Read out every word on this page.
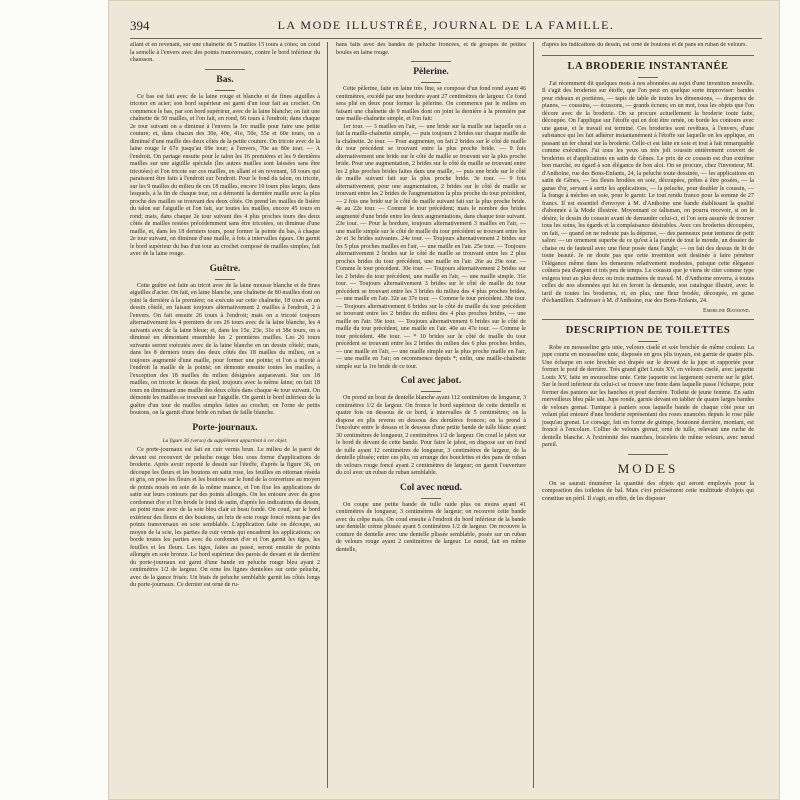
394	LA MODE ILLUSTRÉE, JOURNAL DE LA FAMILLE.

allant et en revenant, sur une chaînette de 5 mailles 15 tours à côtes; on coud la semelle à l'envers avec des points transversaux, contre le bord inférieur du chausson.

Bas.

Ce bas est fait avec de la laine rouge et blanche et de fines aiguilles à tricoter en acier; son bord supérieur est garni d'un tour fait au crochet. On commence le bas, par son bord supérieur, avec de la laine blanche; on fait une chaînette de 50 mailles, et l'on fait, en rond, 66 tours à l'endroit; dans chaque 2e tour suivant on a diminué à l'envers la 1re maille pour faire une petite couture; et, dans chacun des 30e, 40e, 41e, 50e, 55e et 60e tours, on a diminué d'une maille des deux côtés de la petite couture. On tricote avec de la laine rouge le 67e jusqu'au 69e tour; à l'envers, 70e au 80e tour. — A l'endroit. On partage ensuite pour le talon les 16 premières et les 9 dernières mailles sur une aiguille spéciale (les autres mailles sont laissées sans être tricotées) et l'on tricote sur ces mailles, en allant et en revenant, 18 tours qui paraissent être faits à l'endroit sur l'endroit. Pour le fond du talon, on tricote, sur les 9 mailles du milieu de ces 18 mailles, encore 10 tours plus larges, dans lesquels, à la fin de chaque tour, on a démonté la dernière maille avec la plus proche des mailles se trouvant des deux côtés. On prend les mailles de lisière du talon sur l'aiguille et l'on fait, sur toutes les mailles, encore 45 tours en rond; mais, dans chaque 2e tour suivant des 4 plus proches tours des deux côtés de mailles restées précédemment sans être tricotées, on diminue d'une maille, et, dans les 18 derniers tours, pour former la pointe du bas, à chaque 2e tour suivant, on diminue d'une maille, à fois à intervalles égaux. On garnit le bord supérieur du bas d'un tour au crochet composé de mailles simples, fait avec de la laine rouge.

Guêtre.

Cette guêtre est faite au tricot avec de la laine mousse blanche et de fines aiguilles d'acier. On fait, en laine blanche, une chaînette de 80 mailles dont on joint la dernière à la première; on exécute sur cette chaînette, 18 tours en un dessin côtelé, en faisant toujours alternativement 2 mailles à l'endroit, 2 à l'envers. On fait ensuite 26 tours à l'endroit; mais on a tricoté toujours alternativement les 4 premiers de ces 26 tours avec de la laine blanche, les 4 suivants avec de la laine bleue; et, dans les 15e, 23e, 31e et 38e tours, on a diminué en démontant ensemble les 2 premières mailles. Les 26 tours suivants seront exécutés avec de la laine blanche en un dessin côtelé; mais, dans les 8 derniers tours des deux côtés des 18 mailles du milieu, on a toujours augmenté d'une maille, pour former une pointe; et l'on a tricoté à l'endroit la maille de la pointe; on démonte ensuite toutes les mailles, à l'exception des 18 mailles du milieu désignées auparavant. Sur ces 18 mailles, on tricote le dessus du pied, toujours avec la même laine; on fait 18 tours en diminuant une maille des deux côtés dans chaque 4e tour suivant. On démonte les mailles se trouvant sur l'aiguille. On garnit le bord inférieur de la guêtre d'un tour de mailles simples faites au crochet; on l'orne de petits boutons, on la garnit d'une bride en ruban de faille blanche.

Porte-journaux.
La figure 36 (verso) du supplément appartient à cet objet.

Ce porte-journaux est fait en cuir vernis brun. Le milieu de la paroi de devant est recouvert de peluche rouge bleu sous forme d'applications de broderie. Après avoir reporté le dessin sur l'étoffe, d'après la figure 36, on découpe les fleurs et les boutons en satin rose, les feuilles en ottoman réséda et gris, on pose les fleurs et les boutons sur le fond de la couverture au moyen de points noués en soie de la même nuance, et l'on fixe les applications de satin sur leurs contours par des points allongés. On les entoure avec du gros cordonnet d'or et l'on brode le fond de satin, d'après les indications du dessin, au point russe avec de la soie bleu clair et beau fondé. On coud, sur le bord extérieur des fleurs et des boutons, un bris de soie rouge foncé retenu par des points transversaux en soie semblable. L'application faite on découpe, au moyen de la scie, les parties du cuir vernis qui encadrent les applications; on borde toutes les parties avec du cordonnet d'or et l'on garnit les tiges, les feuilles et les fleurs. Les tiges, faites au passé, seront ensuite de points allongés en soie bronze. Le bord supérieur des parois de devant et de derrière du porte-journaux est garni d'une bande en peluche rouge bleu ayant 2 centimètres 1/2 de largeur. On orne les lignes dentelées sur cette peluche, avec de la gance frisée. Un biais de peluche semblable garnit les côtés longs du porte-journaux. Ce dernier est orné de ru-

bans faits avec des bandes de peluche froncées, et de groupes de petites boules en laine rouge.

Pèlerine.

Cette pèlerine, faite en laine très fine, se compose d'un fond rond ayant 46 centimètres, excédé par une bordure ayant 27 centimètres de largeur. Ce fond sera plié en deux pour former la pèlerine. On commence par le milieu en faisant une chaînette de 9 mailles dont on joint la dernière à la première par une maille-chaînette simple, et l'on fait:

1er tour. — 3 mailles en l'air, — une bride sur la maille sur laquelle on a fait la maille-chaînette simple, — puis toujours 2 brides sur chaque maille de la chaînette. 2e tour. — Pour augmenter, on fait 2 brides sur le côté de maille du tour précédent se trouvant entre la plus proche bride. — 9 fois alternativement une bride sur le côté de maille se trouvant sur la plus proche bride. Pour une augmentation, 2 brides sur le côté de maille se trouvant entre les 2 plus proches brides faites dans une maille, — puis une bride sur le côté de maille suivant fait sur la plus proche bride. 3e tour. — 9 fois alternativement, pour une augmentation, 2 brides sur le côté de maille se trouvant entre les 2 brides de l'augmentation la plus proche du tour précédent, — 2 fois une bride sur le côté de maille suivant fait sur la plus proche bride. 4e au 22e tour. — Comme le tour précédent; mais le nombre des brides augmenté d'une bride entre les deux augmentations, dans chaque tour suivant. 23e tour. — Pour la bordure, toujours alternativement 3 mailles en l'air, — une maille simple sur le côté de maille du tour précédent se trouvant entre les 2e et 3e brides suivantes. 24e tour. — Toujours alternativement 2 brides sur les 5 plus proches mailles en l'air, — une maille en l'air. 25e tour. — Toujours alternativement 2 brides sur le côté de maille se trouvant entre les 2 plus proches brides du tour précédent, une maille en l'air. 26e au 29e tour. — Comme le tour précédent. 30e tour. — Toujours alternativement 2 brides sur les 2 brides du tour précédent, une maille en l'air, — une maille simple. 31e tour. — Toujours alternativement 3 brides sur le côté de maille du tour précédent se trouvant entre les 3 brides du milieu des 4 plus proches brides, — une maille en l'air. 32e au 37e tour. — Comme le tour précédent. 38e tour. — Toujours alternativement 6 brides sur le côté de maille du tour précédent se trouvant entre les 2 brides du milieu des 4 plus proches brides, — une maille en l'air. 39e tour. — Toujours alternativement 6 brides sur le côté de maille du tour précédent, une maille en l'air. 40e au 47e tour. — Comme le tour précédent. 48e tour. — * 10 brides sur le côté de maille du tour précédent se trouvant entre les 2 brides du milieu des 6 plus proches brides, — une maille en l'air, — une maille simple sur la plus proche maille en l'air, — une maille en l'air; on recommence depuis *; enfin, une maille-chaînette simple sur la 1re bride de ce tour.

Col avec jabot.

On prend un bout de dentelle blanche ayant 112 centimètres de longueur, 3 centimètres 1/2 de largeur. On fronce le bord supérieur de cette dentelle et quatre fois on dessous de ce bord, à intervalles de 5 centimètres; on la dispose en plis revenu en dessous des dernières fronces; on la prend à l'encolure entre le dessus et le dessous d'une petite bande de tulle blanc ayant 30 centimètres de longueur, 2 centimètres 1/2 de largeur. On coud le jabot sur le bord de devant de cette bande. Pour faire le jabot, on dispose sur un fond de tulle ayant 12 centimètres de longueur, 3 centimètres de largeur, de la dentelle plissée; entre ces plis, on arrange des bouclettes et des pans de ruban de velours rouge foncé ayant 2 centimètres de largeur; on garnit l'ouverture du col avec un ruban de ruban semblable.

Col avec nœud.

On coupe une petite bande de tulle raide plus ou moins ayant 41 centimètres de longueur, 3 centimètres de largeur; on recouvre cette bande avec du crêpe mais. On coud ensuite à l'endroit du bord inférieur de la bande une dentelle crème plissée ayant 5 centimètres 1/2 de largeur. On recouvre la couture de dentelle avec une dentelle plissée semblable, posée sur un ruban de velours rouge ayant 2 centimètres de largeur. Le nœud, fait en même dentelle,

d'après les indications du dessin, est orné de boutons et de pans en ruban de velours.

LA BRODERIE INSTANTANÉE

J'ai récemment dit quelques mots à nos abonnées au sujet d'une invention nouvelle. Il s'agit des broderies sur étoffe, que l'on peut en quelque sorte improviser: bandes pour rideaux et portières, — tapis de table de toutes les dimensions, — draperies de pianos, — coussins, — écussons, — grands écrans; en un mot, tous les objets que l'on décore avec de la broderie. On se procure actuellement la broderie toute faite, découpée. On l'applique sur l'étoffe qui en doit être ornée, on borde les contours avec une ganse, et le travail est terminé. Ces broderies sont revêtues, à l'envers, d'une substance qui les fait adhérer instantanément à l'étoffe sur laquelle on les applique, en passant un fer chaud sur la broderie. Celle-ci est faite en soie et tout à fait remarquable comme exécution. J'ai sous les yeux un très joli coussin entièrement couvert de broderies et d'applications en satin de Gênes. Le prix de ce coussin est d'un extrême bon marché, eu égard à son élégance de bon aloi. On se procure, chez l'inventeur, M. d'Anthoine, rue des Bons-Enfants, 24, la peluche toute dessinée, — les applications en satin de Gênes, — les fleurs brodées en soie, découpées, prêtes à être posées, — la ganse d'or, servant à sertir les applications, — la peluche, pour doubler le coussin, — la frange à mèches en soie, pour le garnir. Le tout rendu franco pour la somme de 27 francs. Il est essentiel d'envoyer à M. d'Anthoine une bande établissant la qualité d'abonnée à la Mode illustrée. Moyennant ce talisman, on pourra recevoir, si on le désire, le dessin du coussin avant de demander celui-ci, et l'on sera assurée de trouver tous les soins, les égards et la complaisance désirables. Avec ces broderies découpées, on fait, — quand on ne redoute pas la dépense, — des panneaux pour tentures de petit salon: — un ornement superbe de ce qu'est à la portée de tout le monde, un dossier de chaise ou de fauteuil avec une fleur posée dans l'angle; — on fait des dessus de lit de toute beauté. Je ne doute pas que cette invention soit destinée à faire pénétrer l'élégance même dans les demeures relativement modestes, puisque cette élégance coûtera peu d'argent et très peu de temps. Le coussin que je viens de citer comme type exigera tout au plus deux ou trois matinées de travail. M. d'Anthoine enverra, à toutes celles de nos abonnées qui lui en feront la demande, son catalogue illustré, avec le tarif de toutes les broderies, et, en plus, une fleur brodée, découpée, en guise d'échantillon. S'adresser à M. d'Anthoine, rue des Bons-Enfants, 24.

Emmeline Raymond.
DESCRIPTION DE TOILETTES

Robe en mousseline gris unie, velours ciselé et soie brochée de même couleur. La jupe courte en mousseline unie, disposée en gros plis tuyaux, est garnie de quatre plis. Une écharpe en soie brochée est drapée sur le devant de la jupe et rapportée pour former le pouf de derrière. Très grand gilet Louis XV, en velours ciselé, avec jaquette Louis XV, faite en mousseline unie. Cette jaquette est largement ouverte sur le gilet. Sur le bord inférieur du celui-ci se trouve une fente dans laquelle passe l'écharpe, pour former des paniers sur les hanches et pouf derrière. Toilette de jeune femme. En satin merveilleux bleu pâle uni. Jupe ronde, garnie devant en tablier de quatre larges bandes de velours grenat. Tunique à paniers sous laquelle bande de chaque côté pour un volant plat entouré d'une broderie représentant des roses nuancées depuis le rose pâle jusqu'au grenat. Le corsage, fait en forme de guimpe, boutonné derrière, montant, est froncé à l'encolure. Collier de velours grenat, orné de tulle, relevant une ruche de dentelle blanche. A l'extrémité des manches, bracelets de même velours, avec nœud pareil.

MODES

On se saurait énumérer la quantité des objets qui seront employés pour la composition des toilettes de bal. Mais c'est précisément cette multitude d'objets qui constitue un péril. Il s'agit, en effet, de les disposer
